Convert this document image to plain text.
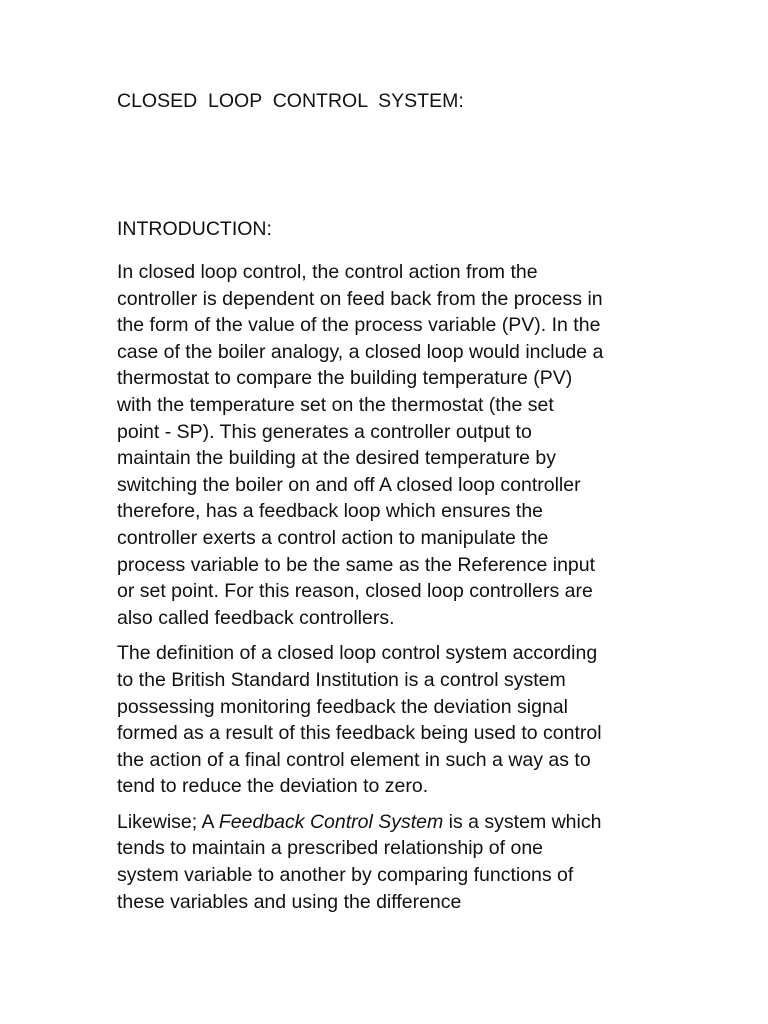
CLOSED  LOOP  CONTROL  SYSTEM:
INTRODUCTION:

In closed loop control, the control action from the
controller is dependent on feed back from the process in
the form of the value of the process variable (PV). In the
case of the boiler analogy, a closed loop would include a
thermostat to compare the building temperature (PV)
with the temperature set on the thermostat (the set
point - SP). This generates a controller output to
maintain the building at the desired temperature by
switching the boiler on and off A closed loop controller
therefore, has a feedback loop which ensures the
controller exerts a control action to manipulate the
process variable to be the same as the Reference input
or set point. For this reason, closed loop controllers are
also called feedback controllers.

The definition of a closed loop control system according
to the British Standard Institution is a control system
possessing monitoring feedback the deviation signal
formed as a result of this feedback being used to control
the action of a final control element in such a way as to
tend to reduce the deviation to zero.

Likewise; A Feedback Control System is a system which
tends to maintain a prescribed relationship of one
system variable to another by comparing functions of
these variables and using the difference
